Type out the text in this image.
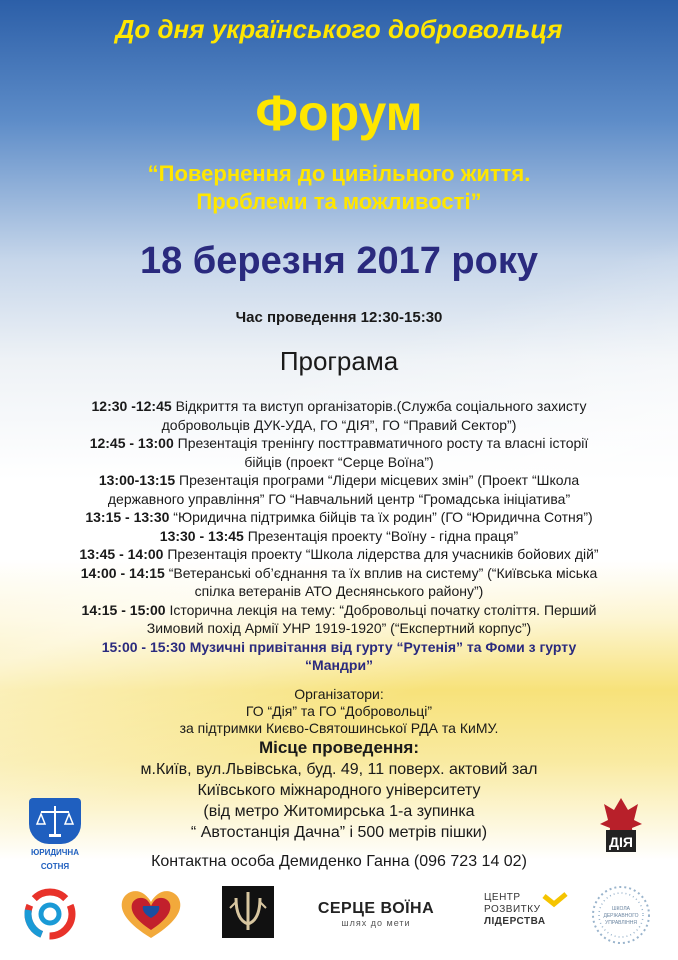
До дня українського добровольця

Форум

“Повернення до цивільного життя.
Проблеми та можливості”

18 березня 2017 року

Час проведення 12:30-15:30

Програма

12:30 -12:45 Відкриття та виступ організаторів.(Служба соціального захисту

добровольців ДУК-УДА, ГО “ДІЯ”, ГО “Правий Сектор”)

12:45 - 13:00 Презентація тренінгу посттравматичного росту та власні історії

бійців (проект “Серце Воїна”)

13:00-13:15 Презентація програми “Лідери місцевих змін” (Проект “Школа

державного управління” ГО “Навчальний центр “Громадська ініціатива”

13:15 - 13:30 “Юридична підтримка бійців та їх родин” (ГО “Юридична Сотня”)

13:30 - 13:45 Презентація проекту “Воїну - гідна праця”

13:45 - 14:00 Презентація проекту “Школа лідерства для учасників бойових дій”

14:00 - 14:15 “Ветеранські об’єднання та їх вплив на систему” (“Київська міська

спілка ветеранів АТО Деснянського району”)

14:15 - 15:00 Історична лекція на тему: “Добровольці початку століття. Перший

Зимовий похід Армії УНР 1919-1920” (“Експертний корпус”)

15:00 - 15:30 Музичні привітання від гурту “Рутенія” та Фоми з гурту

“Мандри”

Організатори:
ГО “Дія” та ГО “Добровольці”
за підтримки Києво-Святошинської РДА та КиМУ.
Місце проведення:
м.Київ, вул.Львівська, буд. 49, 11 поверх. актовий зал
Київського міжнародного університету
(від метро Житомирська 1-а зупинка
“ Автостанція Дачна” і 500 метрів пішки)

Контактна особа Демиденко Ганна (096 723 14 02)

ЮРИДИЧНА
СОТНЯ
ДІЯ
СЕРЦЕ ВОЇНА
шлях до мети
ЦЕНТР
РОЗВИТКУ
ЛІДЕРСТВА
ШКОЛА
ДЕРЖАВНОГО
УПРАВЛІННЯ
